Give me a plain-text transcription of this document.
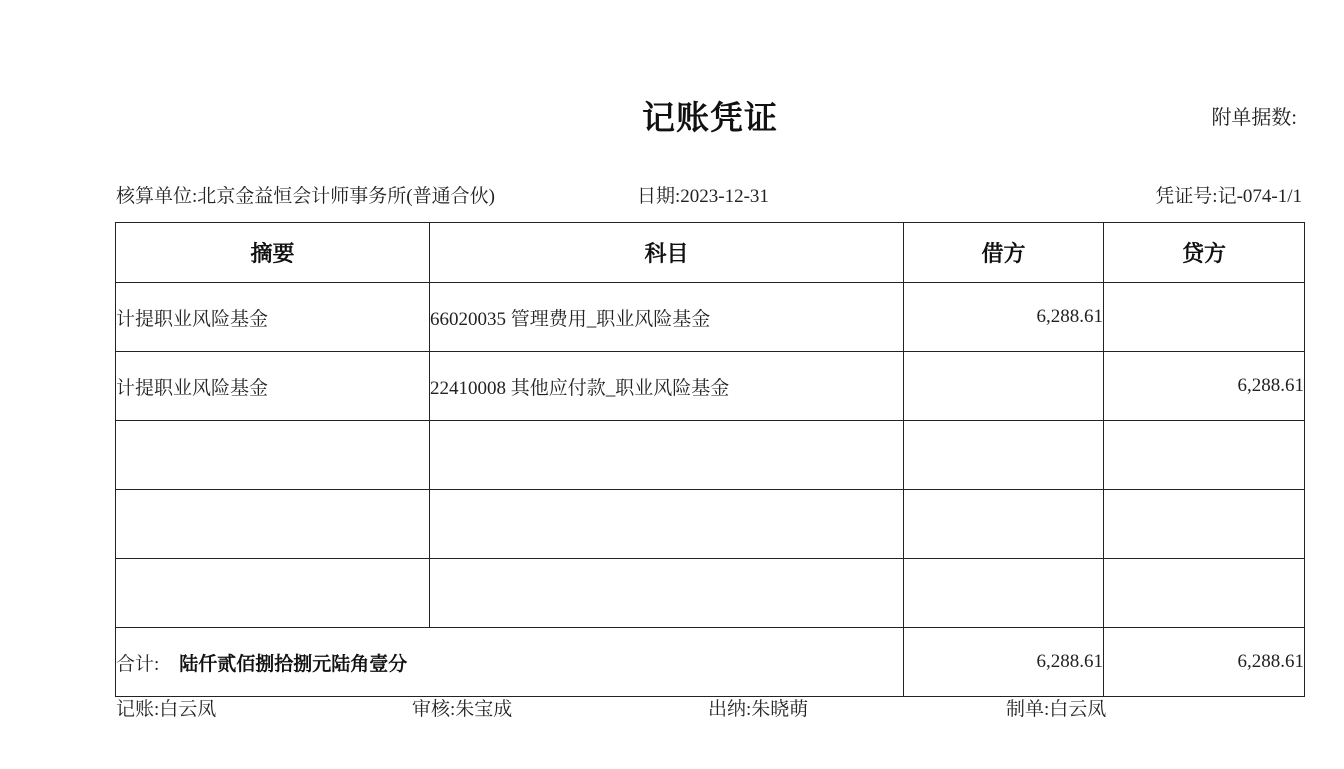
记账凭证	附单据数:
核算单位:北京金益恒会计师事务所(普通合伙)	日期:2023-12-31	凭证号:记-074-1/1
摘要	科目	借方	贷方
计提职业风险基金	66020035 管理费用_职业风险基金	6,288.61	
计提职业风险基金	22410008 其他应付款_职业风险基金		6,288.61

合计: 陆仟贰佰捌拾捌元陆角壹分		6,288.61	6,288.61
记账:白云凤	审核:朱宝成	出纳:朱晓萌	制单:白云凤
